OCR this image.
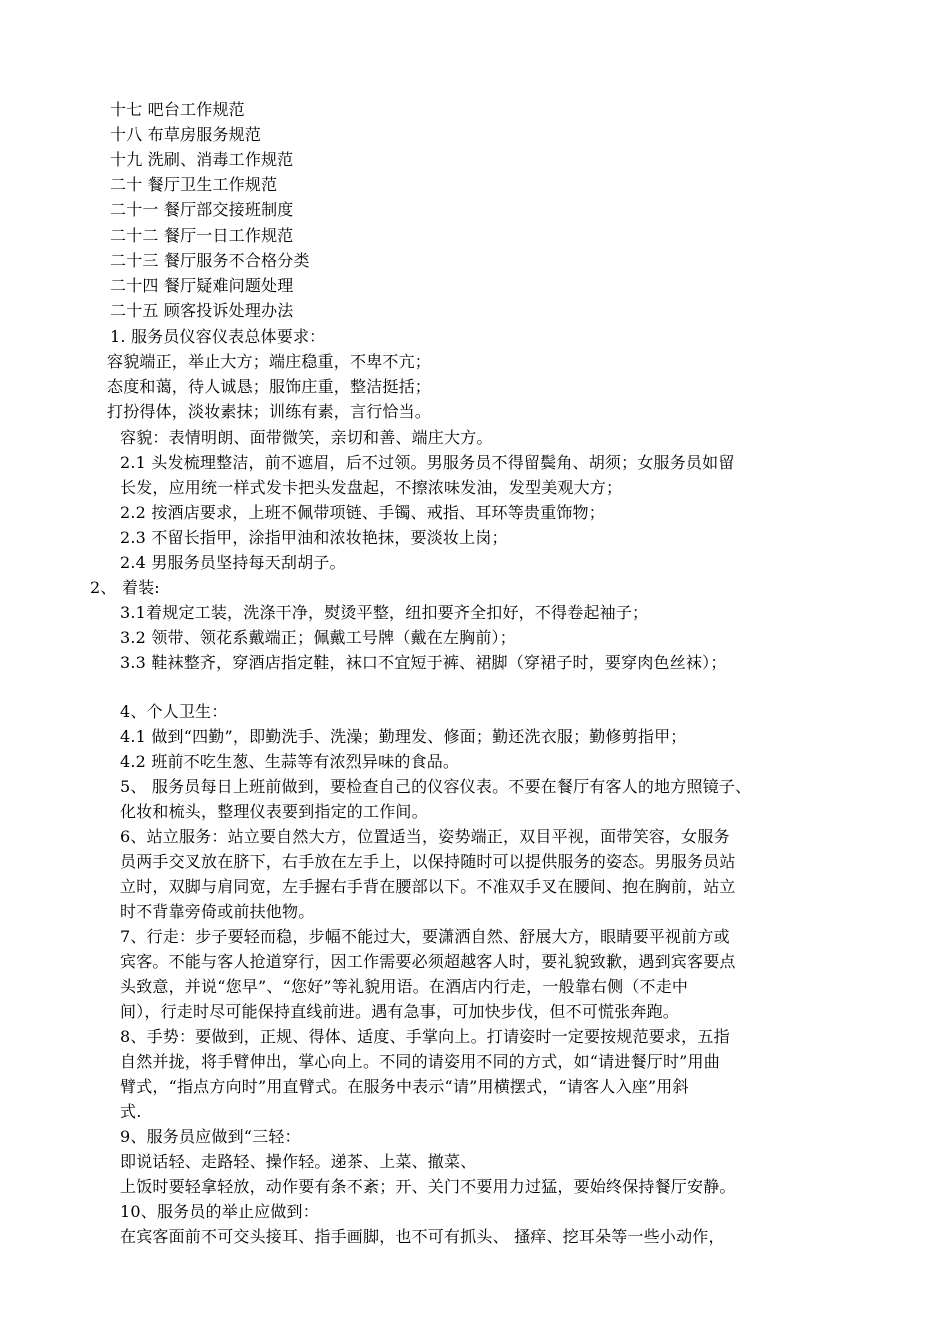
十七 吧台工作规范
十八 布草房服务规范
十九 洗刷、消毒工作规范
二十 餐厅卫生工作规范
二十一 餐厅部交接班制度
二十二 餐厅一日工作规范
二十三 餐厅服务不合格分类
二十四 餐厅疑难问题处理
二十五 顾客投诉处理办法
1. 服务员仪容仪表总体要求：
容貌端正，举止大方；端庄稳重，不卑不亢；
态度和蔼，待人诚恳；服饰庄重，整洁挺括；
打扮得体，淡妆素抹；训练有素，言行恰当。
容貌：表情明朗、面带微笑，亲切和善、端庄大方。
2.1 头发梳理整洁，前不遮眉，后不过领。男服务员不得留鬓角、胡须；女服务员如留
长发，应用统一样式发卡把头发盘起，不擦浓味发油，发型美观大方；
2.2 按酒店要求，上班不佩带项链、手镯、戒指、耳环等贵重饰物；
2.3 不留长指甲，涂指甲油和浓妆艳抹，要淡妆上岗；
2.4 男服务员坚持每天刮胡子。
2、 着装:
3.1着规定工装，洗涤干净，熨烫平整，纽扣要齐全扣好，不得卷起袖子；
3.2 领带、领花系戴端正；佩戴工号牌（戴在左胸前）；
3.3 鞋袜整齐，穿酒店指定鞋，袜口不宜短于裤、裙脚（穿裙子时，要穿肉色丝袜）；
4、个人卫生：
4.1 做到“四勤”，即勤洗手、洗澡；勤理发、修面；勤还洗衣服；勤修剪指甲；
4.2 班前不吃生葱、生蒜等有浓烈异味的食品。
5、 服务员每日上班前做到，要检查自己的仪容仪表。不要在餐厅有客人的地方照镜子、
化妆和梳头，整理仪表要到指定的工作间。
6、站立服务：站立要自然大方，位置适当，姿势端正，双目平视，面带笑容，女服务
员两手交叉放在脐下，右手放在左手上，以保持随时可以提供服务的姿态。男服务员站
立时，双脚与肩同宽，左手握右手背在腰部以下。不准双手叉在腰间、抱在胸前，站立
时不背靠旁倚或前扶他物。
7、行走：步子要轻而稳，步幅不能过大，要潇洒自然、舒展大方，眼睛要平视前方或
宾客。不能与客人抢道穿行，因工作需要必须超越客人时，要礼貌致歉，遇到宾客要点
头致意，并说“您早”、“您好”等礼貌用语。在酒店内行走，一般靠右侧（不走中
间），行走时尽可能保持直线前进。遇有急事，可加快步伐，但不可慌张奔跑。
8、手势：要做到，正规、得体、适度、手掌向上。打请姿时一定要按规范要求，五指
自然并拢，将手臂伸出，掌心向上。不同的请姿用不同的方式，如“请进餐厅时”用曲
臂式，“指点方向时”用直臂式。在服务中表示“请”用横摆式，“请客人入座”用斜
式.
9、服务员应做到“三轻：
即说话轻、走路轻、操作轻。递茶、上菜、撤菜、
上饭时要轻拿轻放，动作要有条不紊；开、关门不要用力过猛，要始终保持餐厅安静。
10、服务员的举止应做到：
在宾客面前不可交头接耳、指手画脚，也不可有抓头、 搔痒、挖耳朵等一些小动作，
